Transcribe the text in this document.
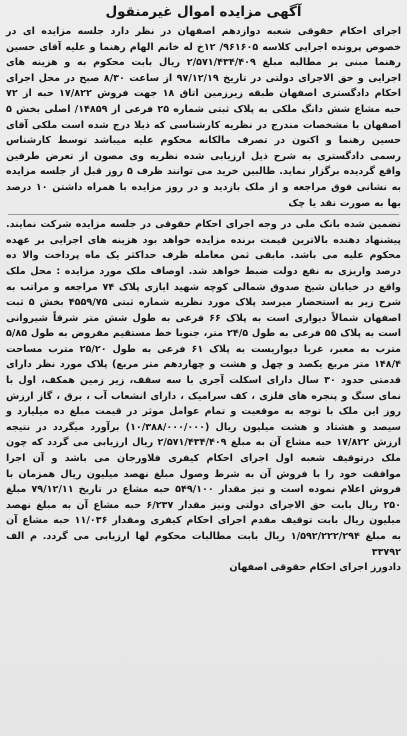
آگهی مزایده اموال غیرمنقول

اجرای احکام حقوقی شعبه دوازدهم اصفهان در نظر دارد جلسه مزایده ای در خصوص پرونده اجرایی کلاسه ۹۶۱۶۰۵/ ۱۲خ له خانم الهام رهنما و علیه آقای حسین رهنما مبنی بر مطالبه مبلغ ۲/۵۷۱/۴۳۴/۴۰۹ ریال بابت محکوم به و هزینه های اجرایی و حق الاجرای دولتی در تاریخ ۹۷/۱۲/۱۹ از ساعت ۸/۳۰ صبح در محل اجرای احکام دادگستری اصفهان طبقه زیرزمین اتاق ۱۸ جهت فروش ۱۷/۸۲۲ حبه از ۷۲ حبه مشاع شش دانگ ملکی به پلاک ثبتی شماره ۲۵ فرعی از ۱۴۸۵۹/ اصلی بخش ۵ اصفهان با مشخصات مندرج در نظریه کارشناسی که ذیلا درج شده است ملکی آقای حسین رهنما و اکنون در تصرف مالکانه محکوم علیه میباشد توسط کارشناس رسمی دادگستری به شرح ذیل ارزیابی شده نظریه وی مصون از تعرض طرفین واقع گردیده برگزار نماید. طالبین خرید می توانند ظرف ۵ روز قبل از جلسه مزایده به نشانی فوق مراجعه و از ملک بازدید و در روز مزایده با همراه داشتن ۱۰ درصد بها به صورت نقد یا چک

تضمین شده بانک ملی در وجه اجرای احکام حقوقی در جلسه مزایده شرکت نمایند. پیشنهاد دهنده بالاترین قیمت برنده مزایده خواهد بود هزینه های اجرایی بر عهده محکوم علیه می باشد. مابقی ثمن معامله ظرف حداکثر یک ماه پرداخت والا ده درصد واریزی به نفع دولت ضبط خواهد شد. اوصاف ملک مورد مزایده : محل ملک واقع در خیابان شیخ صدوق شمالی کوچه شهید ایازی پلاک ۷۴ مراجعه و مراتب به شرح زیر به استحضار میرسد پلاک مورد نظریه شماره ثبتی ۴۵۵۹/۷۵ بخش ۵ ثبت اصفهان شمالاً دیواری است به پلاک ۶۶ فرعی به طول شش متر شرقاً شیروانی است به پلاک ۵۵ فرعی به طول ۲۴/۵ متر، جنوبا خط مستقیم مفروض به طول ۵/۸۵ مترب به معبر، غربا دیواریست به پلاک ۶۱ فرعی به طول ۲۵/۲۰ مترب مساحت ۱۴۸/۴ متر مربع یکصد و چهل و هشت و چهاردهم متر مربع) پلاک مورد نظر دارای قدمتی حدود ۳۰ سال دارای اسکلت آجری با سه سقف، زیر زمین همکف، اول با نمای سنگ و پنجره های فلزی ، کف سرامیک ، دارای انشعاب آب ، برق ، گاز ارزش روز این ملک با توجه به موقعیت و تمام عوامل موثر در قیمت مبلغ ده میلیارد و سیصد و هشتاد و هشت میلیون ریال (۱۰/۳۸۸/۰۰۰/۰۰۰) برآورد میگردد در نتیجه ارزش ۱۷/۸۲۲ حبه مشاع آن به مبلغ ۲/۵۷۱/۴۳۴/۴۰۹ ریال ارزیابی می گردد که چون ملک درتوقیف شعبه اول اجرای احکام کیفری فلاورجان می باشد و آن اجرا موافقت خود را با فروش آن به شرط وصول مبلغ نهصد میلیون ریال همزمان با فروش اعلام نموده است و نیز مقدار ۵۴۹/۱۰۰ حبه مشاع در تاریخ ۷۹/۱۲/۱۱ مبلغ ۲۵۰ ریال بابت حق الاجرای دولتی ونیز مقدار ۶/۲۳۷ حبه مشاع آن به مبلغ نهصد میلیون ریال بابت توقیف مقدم اجرای احکام کیفری ومقدار ۱۱/۰۳۶ حبه مشاع آن به مبلغ ۱/۵۹۲/۲۲۲/۲۹۴ ریال بابت مطالبات محکوم لها ارزیابی می گردد. م الف ۳۳۷۹۲

دادورز اجرای احکام حقوقی اصفهان
